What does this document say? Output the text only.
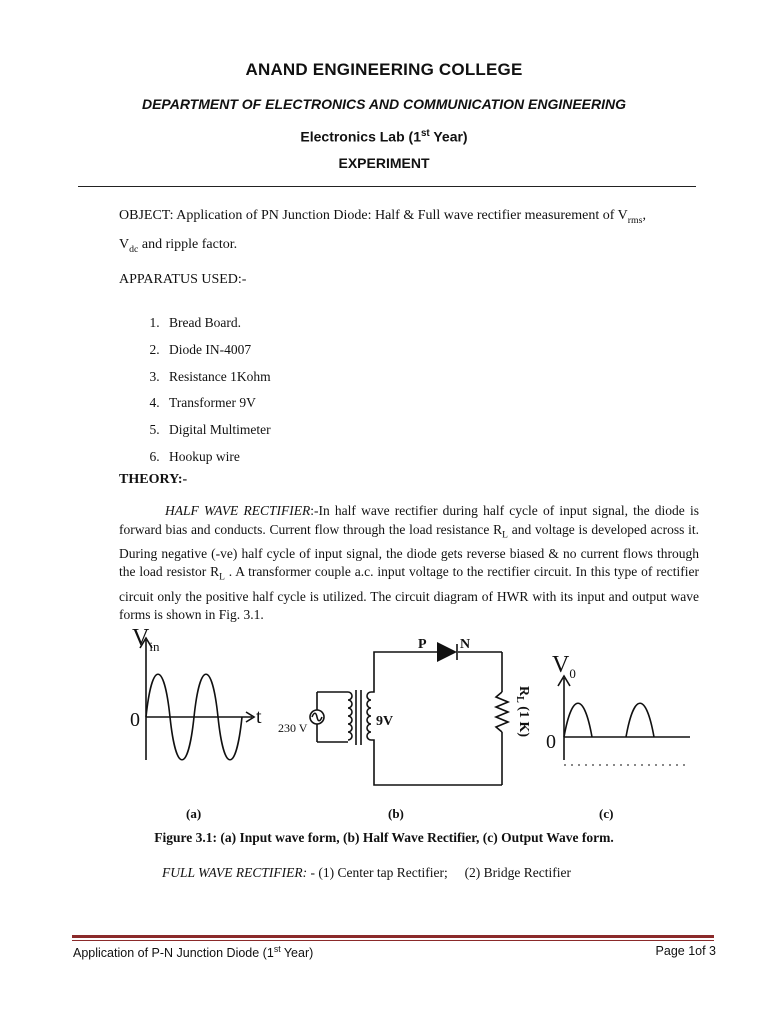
ANAND ENGINEERING COLLEGE
DEPARTMENT OF ELECTRONICS AND COMMUNICATION ENGINEERING
Electronics Lab (1st Year)
EXPERIMENT
OBJECT: Application of PN Junction Diode: Half & Full wave rectifier measurement of $V_{rms}$,
$V_{dc}$ and ripple factor.
APPARATUS USED:-
1. Bread Board.
2. Diode IN-4007
3. Resistance 1Kohm
4. Transformer 9V
5. Digital Multimeter
6. Hookup wire
THEORY:-
HALF WAVE RECTIFIER:-In half wave rectifier during half cycle of input signal, the diode is forward bias and conducts. Current flow through the load resistance $R_L$ and voltage is developed across it. During negative (-ve) half cycle of input signal, the diode gets reverse biased & no current flows through the load resistor $R_L$ . A transformer couple a.c. input voltage to the rectifier circuit. In this type of rectifier circuit only the positive half cycle is utilized. The circuit diagram of HWR with its input and output wave forms is shown in Fig. 3.1.
$V_{in}$
0	t 230 V	9V
P N
$R_L$ (1 K)
$V_0$
0
(a)	(b)	(c)
Figure 3.1: (a) Input wave form, (b) Half Wave Rectifier, (c) Output Wave form.
FULL WAVE RECTIFIER: - (1) Center tap Rectifier;     (2) Bridge Rectifier
Application of P-N Junction Diode (1st Year)	Page 1of 3
